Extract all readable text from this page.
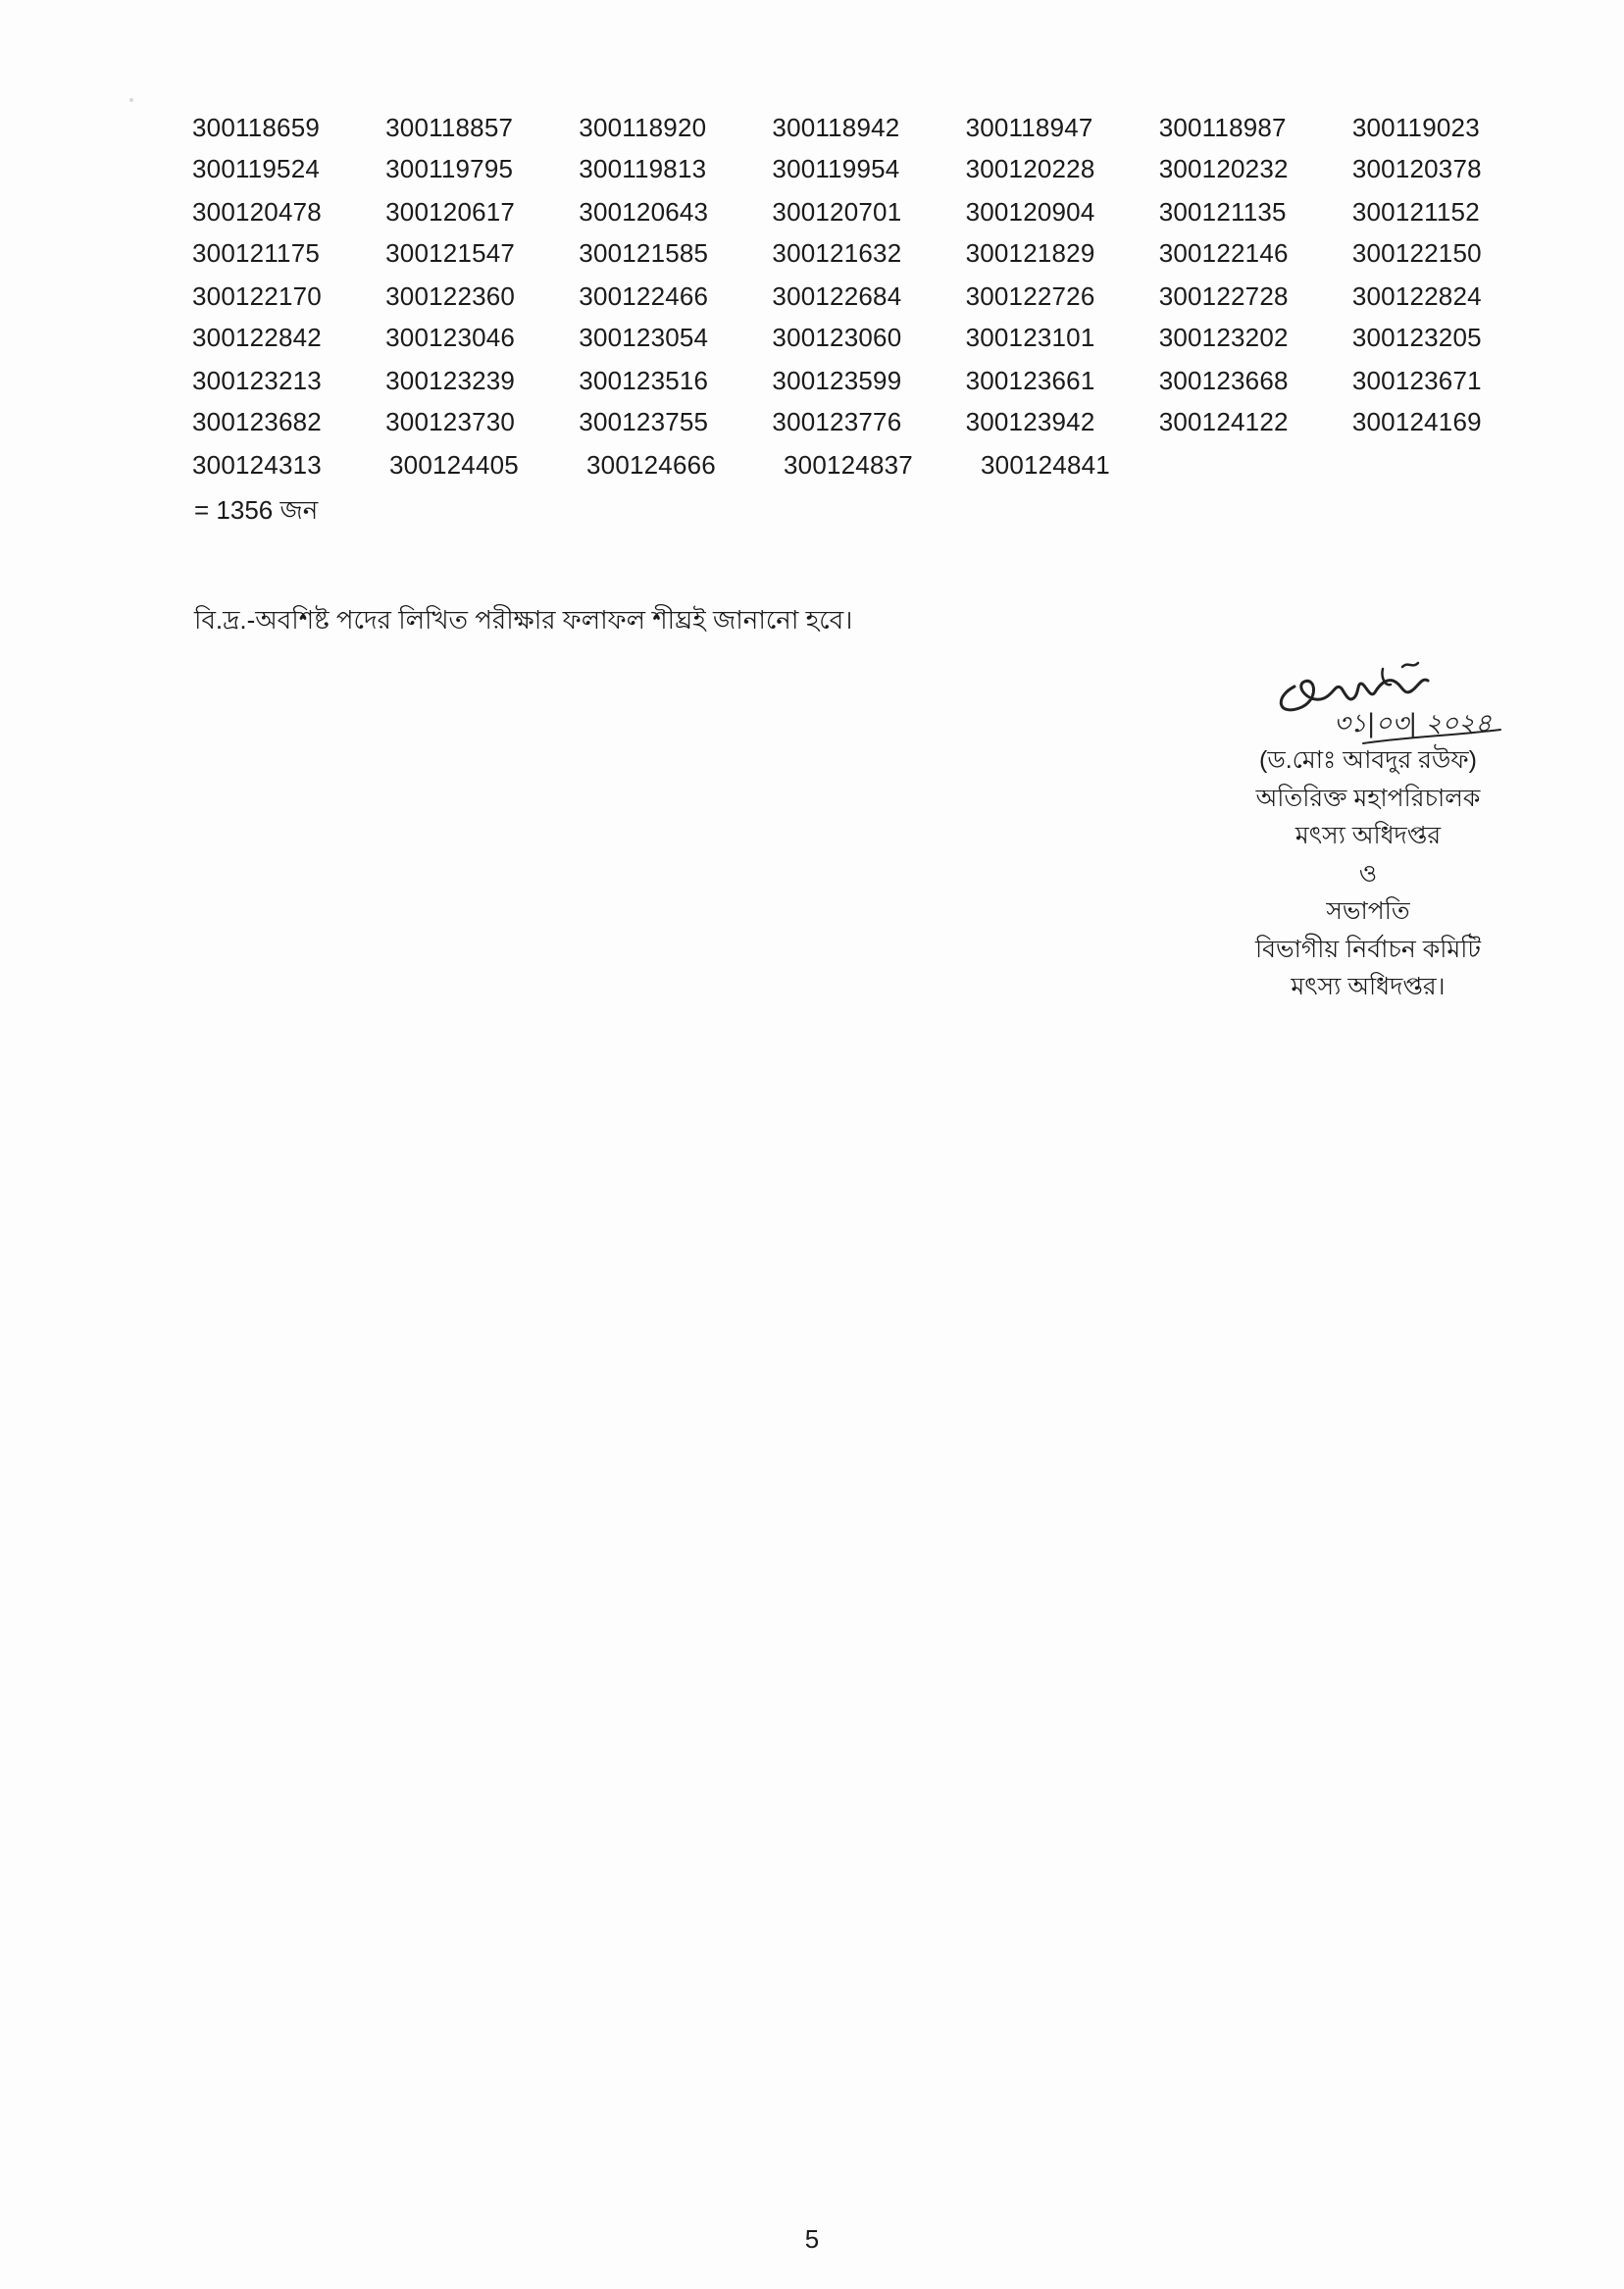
300118659	300118857	300118920	300118942	300118947	300118987	300119023
300119524	300119795	300119813	300119954	300120228	300120232	300120378
300120478	300120617	300120643	300120701	300120904	300121135	300121152
300121175	300121547	300121585	300121632	300121829	300122146	300122150
300122170	300122360	300122466	300122684	300122726	300122728	300122824
300122842	300123046	300123054	300123060	300123101	300123202	300123205
300123213	300123239	300123516	300123599	300123661	300123668	300123671
300123682	300123730	300123755	300123776	300123942	300124122	300124169
300124313	300124405	300124666	300124837	300124841
= 1356 জন
বি.দ্র.-অবশিষ্ট পদের লিখিত পরীক্ষার ফলাফল শীঘ্রই জানানো হবে।
৩১|০৩| ২০২৪
(ড.মোঃ আবদুর রউফ)
অতিরিক্ত মহাপরিচালক
মৎস্য অধিদপ্তর
ও
সভাপতি
বিভাগীয় নির্বাচন কমিটি
মৎস্য অধিদপ্তর।
5
